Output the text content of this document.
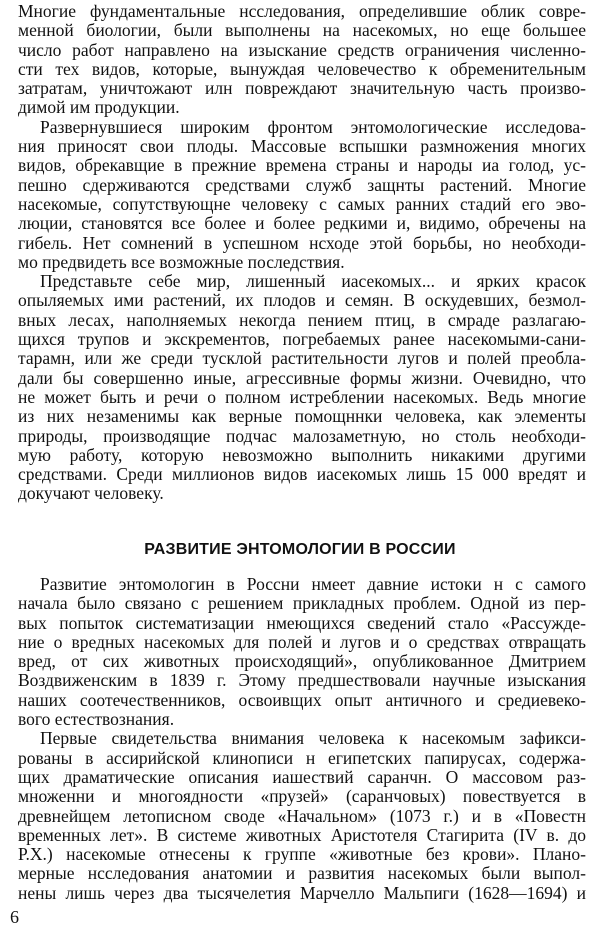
Многие фундаментальные нсследования, определившие облик совре-
менной биологии, были выполнены на насекомых, но еще большее
число работ направлено на изыскание средств ограничения численно-
сти тех видов, которые, вынуждая человечество к обременительным
затратам, уничтожают илн повреждают значительную часть произво-
димой им продукции.
Развернувшиеся широким фронтом энтомологические исследова-
ния приносят свои плоды. Массовые вспышки размножения многих
видов, обрекавщие в прежние времена страны и народы иа голод, ус-
пешно сдерживаются средствами служб защнты растений. Многие
насекомые, сопутствующне человеку с самых ранних стадий его эво-
люции, становятся все более и более редкими и, видимо, обречены на
гибель. Нет сомнений в успешном нсходе этой борьбы, но необходи-
мо предвидеть все возможные последствия.
Представьте себе мир, лишенный иасекомых... и ярких красок
опыляемых ими растений, их плодов и семян. В оскудевших, безмол-
вных лесах, наполняемых некогда пением птиц, в смраде разлагаю-
щихся трупов и экскрементов, погребаемых ранее насекомыми-сани-
тарамн, или же среди тусклой растительности лугов и полей преобла-
дали бы совершенно иные, агрессивные формы жизни. Очевидно, что
не может быть и речи о полном истреблении насекомых. Ведь многие
из них незаменимы как верные помощннки человека, как элементы
природы, производящие подчас малозаметную, но столь необходи-
мую работу, которую невозможно выполнить никакими другими
средствами. Среди миллионов видов иасекомых лишь 15 000 вредят и
докучают человеку.
РАЗВИТИЕ ЭНТОМОЛОГИИ В РОССИИ
Развитие энтомологин в Россни нмеет давние истоки н с самого
начала было связано с решением прикладных проблем. Одной из пер-
вых попыток систематизации нмеющихся сведений стало «Рассужде-
ние о вредных насекомых для полей и лугов и о средствах отвращать
вред, от сих животных происходящий», опубликованное Дмитрием
Воздвиженским в 1839 г. Этому предшествовали научные изыскания
наших соотечественников, освоивщих опыт античного и средиевеко-
вого естествознания.
Первые свидетельства внимания человека к насекомым зафикси-
рованы в ассирийской клинописи н египетских папирусах, содержа-
щих драматические описания иашествий саранчн. О массовом раз-
множенни и многоядности «прузей» (саранчовых) повествуется в
древнейщем летописном своде «Начальном» (1073 г.) и в «Повестн
временных лет». В системе животных Аристотеля Стагирита (IV в. до
Р.Х.) насекомые отнесены к группе «животные без крови». Плано-
мерные нсследования анатомии и развития насекомых были выпол-
нены лишь через два тысячелетия Марчелло Мальпиги (1628—1694) и
6
